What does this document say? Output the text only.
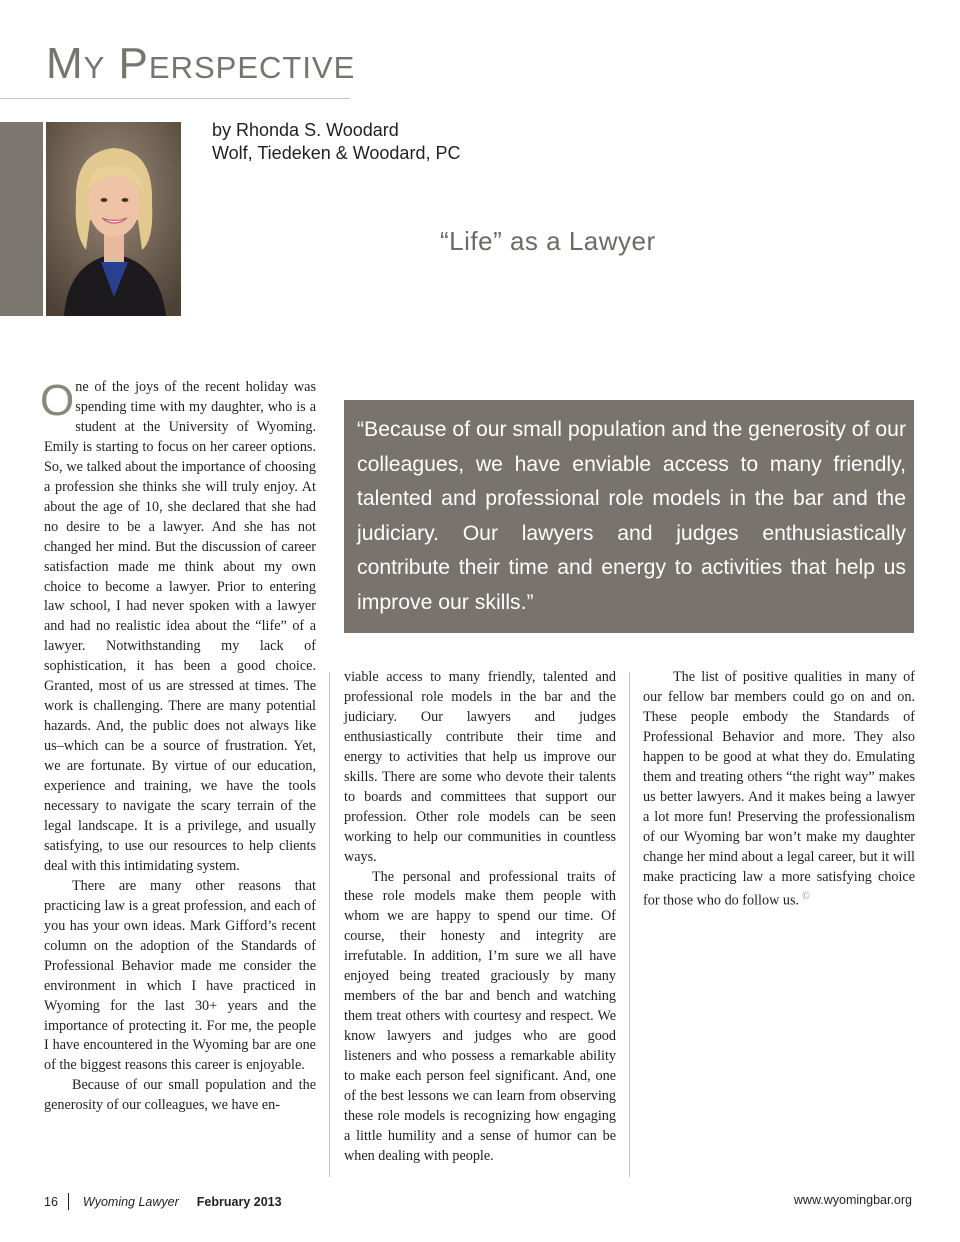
My Perspective
by Rhonda S. Woodard
Wolf, Tiedeken & Woodard, PC
“Life” as a Lawyer
“Because of our small population and the generosity of our colleagues, we have enviable access to many friendly, talented and professional role models in the bar and the judiciary. Our lawyers and judges enthusiastically contribute their time and energy to activities that help us improve our skills.”

One of the joys of the recent holiday was spending time with my daughter, who is a student at the University of Wyoming. Emily is starting to focus on her career options. So, we talked about the importance of choosing a profession she thinks she will truly enjoy. At about the age of 10, she declared that she had no desire to be a lawyer. And she has not changed her mind. But the discussion of career satisfaction made me think about my own choice to become a lawyer. Prior to entering law school, I had never spoken with a lawyer and had no realistic idea about the “life” of a lawyer. Notwithstanding my lack of sophistication, it has been a good choice. Granted, most of us are stressed at times. The work is challenging. There are many potential hazards. And, the public does not always like us–which can be a source of frustration. Yet, we are fortunate. By virtue of our education, experience and training, we have the tools necessary to navigate the scary terrain of the legal landscape. It is a privilege, and usually satisfying, to use our resources to help clients deal with this intimidating system.

There are many other reasons that practicing law is a great profession, and each of you has your own ideas. Mark Gifford’s recent column on the adoption of the Standards of Professional Behavior made me consider the environment in which I have practiced in Wyoming for the last 30+ years and the importance of protecting it. For me, the people I have encountered in the Wyoming bar are one of the biggest reasons this career is enjoyable.

Because of our small population and the generosity of our colleagues, we have en-

viable access to many friendly, talented and professional role models in the bar and the judiciary. Our lawyers and judges enthusiastically contribute their time and energy to activities that help us improve our skills. There are some who devote their talents to boards and committees that support our profession. Other role models can be seen working to help our communities in countless ways.

The personal and professional traits of these role models make them people with whom we are happy to spend our time. Of course, their honesty and integrity are irrefutable. In addition, I’m sure we all have enjoyed being treated graciously by many members of the bar and bench and watching them treat others with courtesy and respect. We know lawyers and judges who are good listeners and who possess a remarkable ability to make each person feel significant. And, one of the best lessons we can learn from observing these role models is recognizing how engaging a little humility and a sense of humor can be when dealing with people.

The list of positive qualities in many of our fellow bar members could go on and on. These people embody the Standards of Professional Behavior and more. They also happen to be good at what they do. Emulating them and treating others “the right way” makes us better lawyers. And it makes being a lawyer a lot more fun! Preserving the professionalism of our Wyoming bar won’t make my daughter change her mind about a legal career, but it will make practicing law a more satisfying choice for those who do follow us. ©

16 Wyoming Lawyer February 2013	www.wyomingbar.org
